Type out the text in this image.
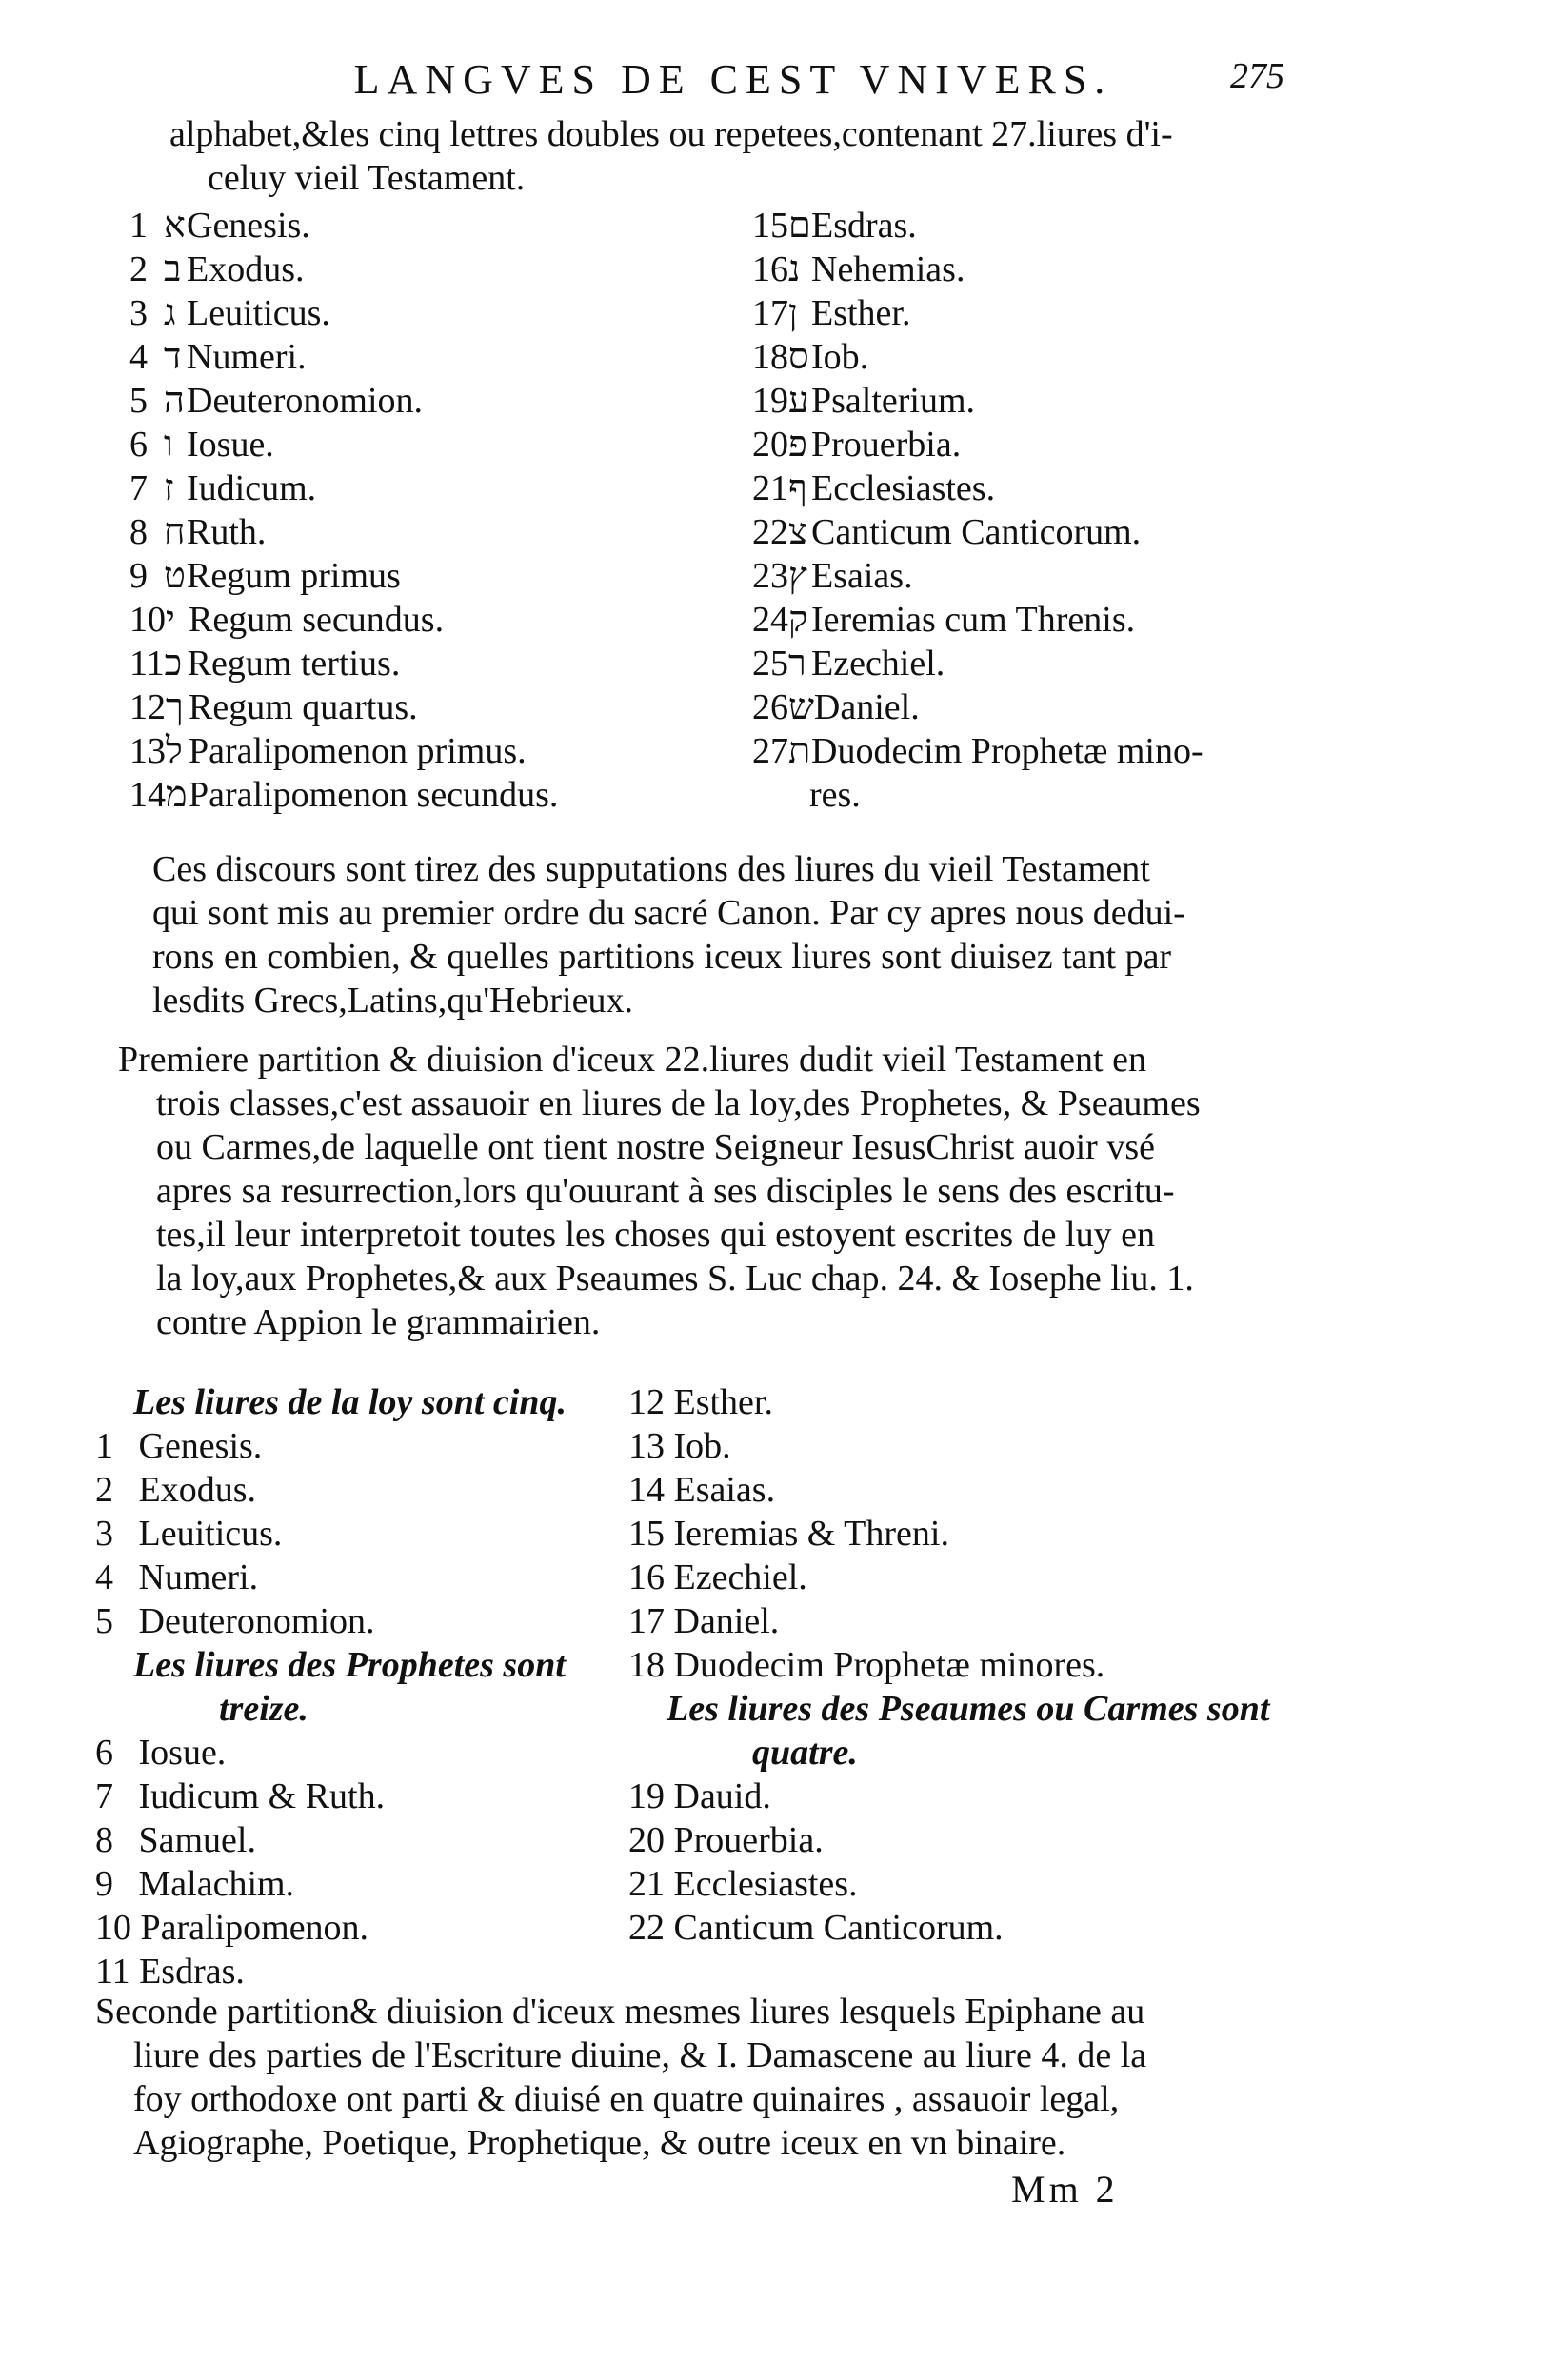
LANGVES DE CEST VNIVERS.	275

alphabet,&les cinq lettres doubles ou repetees,contenant 27.liures d'i-

celuy vieil Testament.

1 אGenesis.
2 ב Exodus.
3 ג Leuiticus.
4 ד Numeri.
5 הDeuteronomion.
6 ו Iosue.
7 ז Iudicum.
8 חRuth.
9 טRegum primus
10י Regum secundus.
11כ Regum tertius.
12ך Regum quartus.
13ל Paralipomenon primus.
14מParalipomenon secundus.
15םEsdras.
16נ Nehemias.
17ן Esther.
18סIob.
19עPsalterium.
20פ Prouerbia.
21ף Ecclesiastes.
22צ Canticum Canticorum.
23ץ Esaias.
24קIeremias cum Threnis.
25ר Ezechiel.
26שDaniel.
27תDuodecim Prophetæ mino-
res.

Ces discours sont tirez des supputations des liures du vieil Testament

qui sont mis au premier ordre du sacré Canon. Par cy apres nous dedui-

rons en combien, & quelles partitions iceux liures sont diuisez tant par

lesdits Grecs,Latins,qu'Hebrieux.

Premiere partition & diuision d'iceux 22.liures dudit vieil Testament en

trois classes,c'est assauoir en liures de la loy,des Prophetes, & Pseaumes

ou Carmes,de laquelle ont tient nostre Seigneur IesusChrist auoir vsé

apres sa resurrection,lors qu'ouurant à ses disciples le sens des escritu-

tes,il leur interpretoit toutes les choses qui estoyent escrites de luy en

la loy,aux Prophetes,& aux Pseaumes S. Luc chap. 24. & Iosephe liu. 1.

contre Appion le grammairien.

Les liures de la loy sont cinq.
1 Genesis.
2 Exodus.
3 Leuiticus.
4 Numeri.
5 Deuteronomion.
Les liures des Prophetes sont
treize.
6 Iosue.
7 Iudicum & Ruth.
8 Samuel.
9 Malachim.
10 Paralipomenon.
11 Esdras.
12 Esther.
13 Iob.
14 Esaias.
15 Ieremias & Threni.
16 Ezechiel.
17 Daniel.
18 Duodecim Prophetæ minores.
Les liures des Pseaumes ou Carmes sont
quatre.
19 Dauid.
20 Prouerbia.
21 Ecclesiastes.
22 Canticum Canticorum.

Seconde partition& diuision d'iceux mesmes liures lesquels Epiphane au

liure des parties de l'Escriture diuine, & I. Damascene au liure 4. de la

foy orthodoxe ont parti & diuisé en quatre quinaires , assauoir legal,

Agiographe, Poetique, Prophetique, & outre iceux en vn binaire.

Mm 2
